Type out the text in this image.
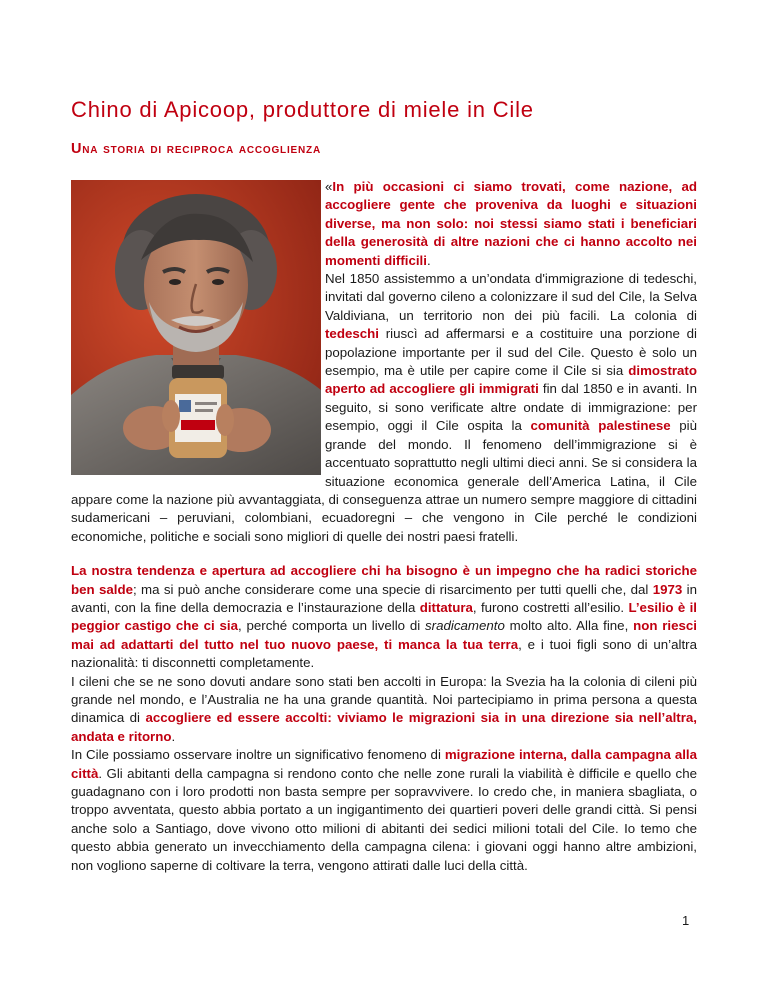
Chino di Apicoop, produttore di miele in Cile
Una storia di reciproca accoglienza

«In più occasioni ci siamo trovati, come nazione, ad accogliere gente che proveniva da luoghi e situazioni diverse, ma non solo: noi stessi siamo stati i beneficiari della generosità di altre nazioni che ci hanno accolto nei momenti difficili.
Nel 1850 assistemmo a un’ondata d'immigrazione di tedeschi, invitati dal governo cileno a colonizzare il sud del Cile, la Selva Valdiviana, un territorio non dei più facili. La colonia di tedeschi riuscì ad affermarsi e a costituire una porzione di popolazione importante per il sud del Cile. Questo è solo un esempio, ma è utile per capire come il Cile si sia dimostrato aperto ad accogliere gli immigrati fin dal 1850 e in avanti. In seguito, si sono verificate altre ondate di immigrazione: per esempio, oggi il Cile ospita la comunità palestinese più grande del mondo. Il fenomeno dell’immigrazione si è accentuato soprattutto negli ultimi dieci anni. Se si considera la situazione economica generale dell’America Latina, il Cile appare come la nazione più avvantaggiata, di conseguenza attrae un numero sempre maggiore di cittadini sudamericani – peruviani, colombiani, ecuadoregni – che vengono in Cile perché le condizioni economiche, politiche e sociali sono migliori di quelle dei nostri paesi fratelli.

La nostra tendenza e apertura ad accogliere chi ha bisogno è un impegno che ha radici storiche ben salde; ma si può anche considerare come una specie di risarcimento per tutti quelli che, dal 1973 in avanti, con la fine della democrazia e l’instaurazione della dittatura, furono costretti all’esilio. L’esilio è il peggior castigo che ci sia, perché comporta un livello di sradicamento molto alto. Alla fine, non riesci mai ad adattarti del tutto nel tuo nuovo paese, ti manca la tua terra, e i tuoi figli sono di un’altra nazionalità: ti disconnetti completamente.

I cileni che se ne sono dovuti andare sono stati ben accolti in Europa: la Svezia ha la colonia di cileni più grande nel mondo, e l’Australia ne ha una grande quantità. Noi partecipiamo in prima persona a questa dinamica di accogliere ed essere accolti: viviamo le migrazioni sia in una direzione sia nell’altra, andata e ritorno.

In Cile possiamo osservare inoltre un significativo fenomeno di migrazione interna, dalla campagna alla città. Gli abitanti della campagna si rendono conto che nelle zone rurali la viabilità è difficile e quello che guadagnano con i loro prodotti non basta sempre per sopravvivere. Io credo che, in maniera sbagliata, o troppo avventata, questo abbia portato a un ingigantimento dei quartieri poveri delle grandi città. Si pensi anche solo a Santiago, dove vivono otto milioni di abitanti dei sedici milioni totali del Cile. Io temo che questo abbia generato un invecchiamento della campagna cilena: i giovani oggi hanno altre ambizioni, non vogliono saperne di coltivare la terra, vengono attirati dalle luci della città.

1
